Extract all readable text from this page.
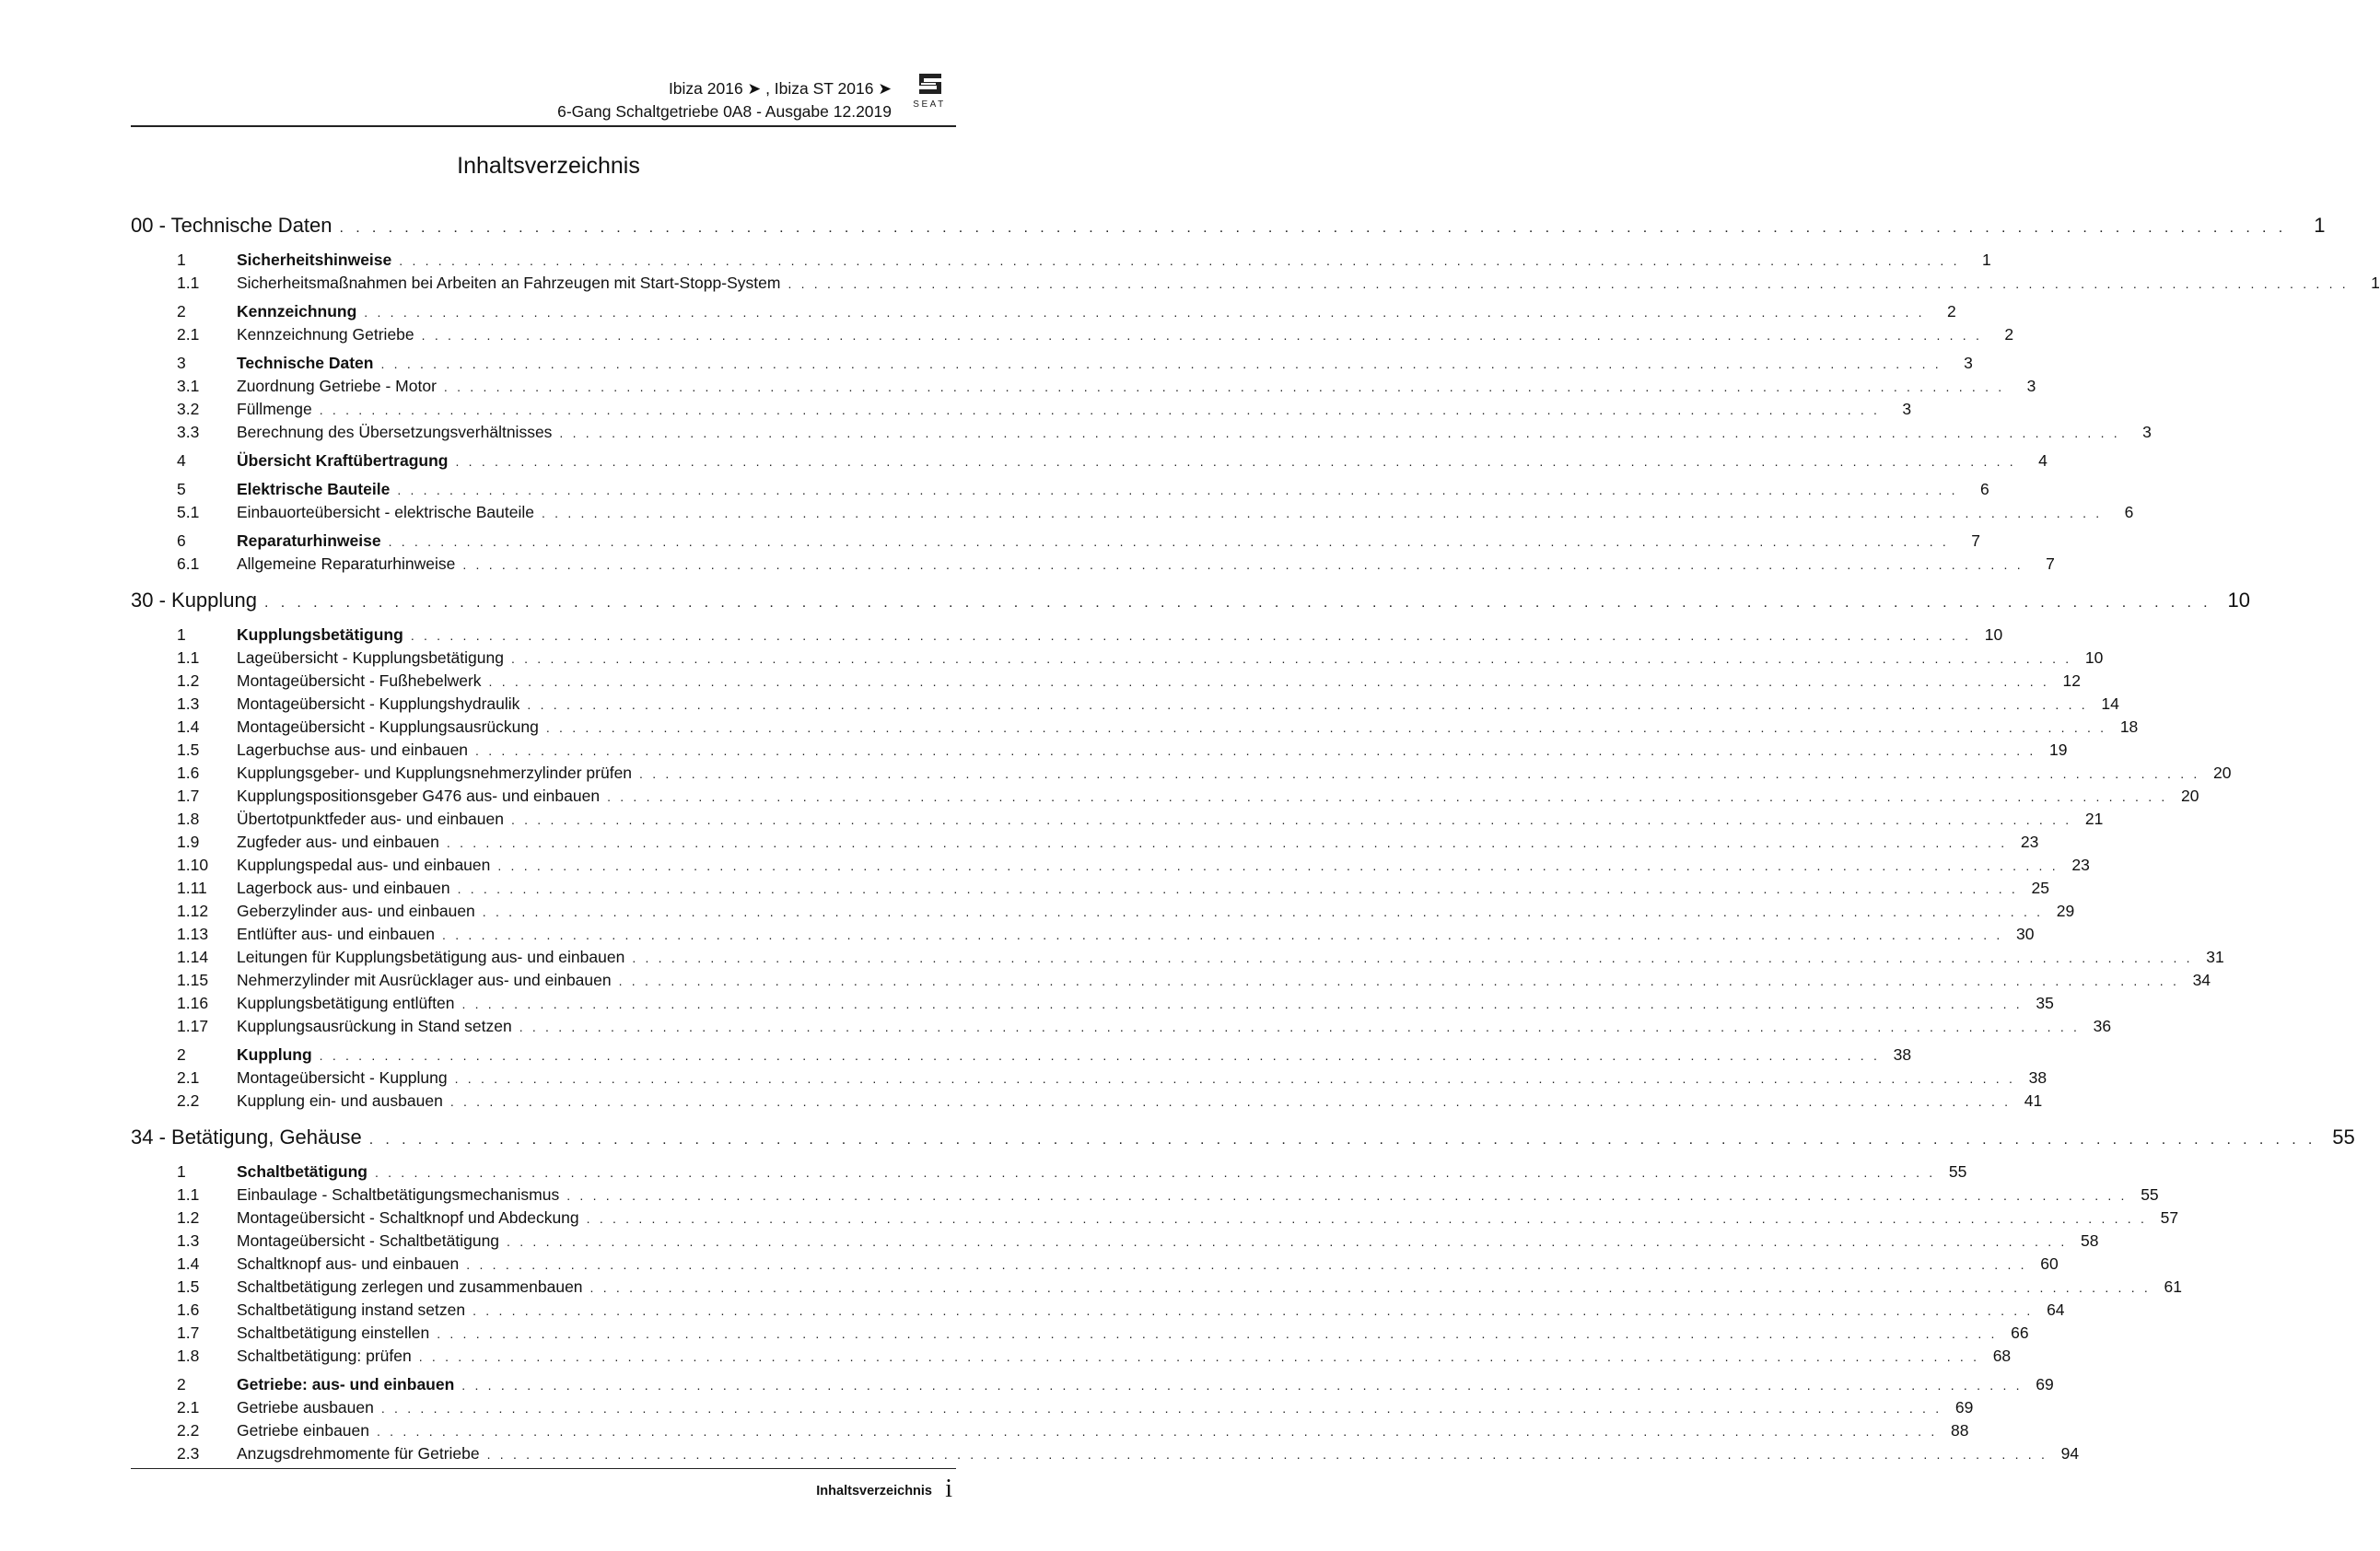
Ibiza 2016 ➤ , Ibiza ST 2016 ➤
6-Gang Schaltgetriebe 0A8 - Ausgabe 12.2019 SEAT
Inhaltsverzeichnis
00 - Technische Daten . . . . . . . . . . . . . . . . . . . . . . . . . . . . . . . . . . . . . . . . . . . . . . . . . . . . . . . . . . . . . . . . . . . . . . . . . . . . . . . . . . . . . . . . . . . . . . . . . . . . . . . . . . . . . . . . . . . . . . . .	1
1	Sicherheitshinweise . . . . . . . . . . . . . . . . . . . . . . . . . . . . . . . . . . . . . . . . . . . . . . . . . . . . . . . . . . . . . . . . . . . . . . . . . . . . . . . . . . . . . . . . . . . . . . . . . . . . . . . . . . . . . . . . . . . . . . . .	1
1.1	Sicherheitsmaßnahmen bei Arbeiten an Fahrzeugen mit Start-Stopp-System . . . . . . . . . . . . . . . . . . . . . . . . . . . . . . . . . . . . . . . . . . . . . . . . . . . . . . . . . . . . . . . . . . . . . . . . . . . . . . . . . . . . . . . . . . . . . . . . . . . . . . . . . . . . . . . . . . . . . . . .	1
2	Kennzeichnung . . . . . . . . . . . . . . . . . . . . . . . . . . . . . . . . . . . . . . . . . . . . . . . . . . . . . . . . . . . . . . . . . . . . . . . . . . . . . . . . . . . . . . . . . . . . . . . . . . . . . . . . . . . . . . . . . . . . . . . .	2
2.1	Kennzeichnung Getriebe . . . . . . . . . . . . . . . . . . . . . . . . . . . . . . . . . . . . . . . . . . . . . . . . . . . . . . . . . . . . . . . . . . . . . . . . . . . . . . . . . . . . . . . . . . . . . . . . . . . . . . . . . . . . . . . . . . . . . . . .	2
3	Technische Daten . . . . . . . . . . . . . . . . . . . . . . . . . . . . . . . . . . . . . . . . . . . . . . . . . . . . . . . . . . . . . . . . . . . . . . . . . . . . . . . . . . . . . . . . . . . . . . . . . . . . . . . . . . . . . . . . . . . . . . . .	3
3.1	Zuordnung Getriebe - Motor . . . . . . . . . . . . . . . . . . . . . . . . . . . . . . . . . . . . . . . . . . . . . . . . . . . . . . . . . . . . . . . . . . . . . . . . . . . . . . . . . . . . . . . . . . . . . . . . . . . . . . . . . . . . . . . . . . . . . . . .	3
3.2	Füllmenge . . . . . . . . . . . . . . . . . . . . . . . . . . . . . . . . . . . . . . . . . . . . . . . . . . . . . . . . . . . . . . . . . . . . . . . . . . . . . . . . . . . . . . . . . . . . . . . . . . . . . . . . . . . . . . . . . . . . . . . .	3
3.3	Berechnung des Übersetzungsverhältnisses . . . . . . . . . . . . . . . . . . . . . . . . . . . . . . . . . . . . . . . . . . . . . . . . . . . . . . . . . . . . . . . . . . . . . . . . . . . . . . . . . . . . . . . . . . . . . . . . . . . . . . . . . . . . . . . . . . . . . . . .	3
4	Übersicht Kraftübertragung . . . . . . . . . . . . . . . . . . . . . . . . . . . . . . . . . . . . . . . . . . . . . . . . . . . . . . . . . . . . . . . . . . . . . . . . . . . . . . . . . . . . . . . . . . . . . . . . . . . . . . . . . . . . . . . . . . . . . . . .	4
5	Elektrische Bauteile . . . . . . . . . . . . . . . . . . . . . . . . . . . . . . . . . . . . . . . . . . . . . . . . . . . . . . . . . . . . . . . . . . . . . . . . . . . . . . . . . . . . . . . . . . . . . . . . . . . . . . . . . . . . . . . . . . . . . . . .	6
5.1	Einbauorteübersicht - elektrische Bauteile . . . . . . . . . . . . . . . . . . . . . . . . . . . . . . . . . . . . . . . . . . . . . . . . . . . . . . . . . . . . . . . . . . . . . . . . . . . . . . . . . . . . . . . . . . . . . . . . . . . . . . . . . . . . . . . . . . . . . . . .	6
6	Reparaturhinweise . . . . . . . . . . . . . . . . . . . . . . . . . . . . . . . . . . . . . . . . . . . . . . . . . . . . . . . . . . . . . . . . . . . . . . . . . . . . . . . . . . . . . . . . . . . . . . . . . . . . . . . . . . . . . . . . . . . . . . . .	7
6.1	Allgemeine Reparaturhinweise . . . . . . . . . . . . . . . . . . . . . . . . . . . . . . . . . . . . . . . . . . . . . . . . . . . . . . . . . . . . . . . . . . . . . . . . . . . . . . . . . . . . . . . . . . . . . . . . . . . . . . . . . . . . . . . . . . . . . . . .	7
30 - Kupplung . . . . . . . . . . . . . . . . . . . . . . . . . . . . . . . . . . . . . . . . . . . . . . . . . . . . . . . . . . . . . . . . . . . . . . . . . . . . . . . . . . . . . . . . . . . . . . . . . . . . . . . . . . . . . . . . . . . . . . . . 10
1	Kupplungsbetätigung . . . . . . . . . . . . . . . . . . . . . . . . . . . . . . . . . . . . . . . . . . . . . . . . . . . . . . . . . . . . . . . . . . . . . . . . . . . . . . . . . . . . . . . . . . . . . . . . . . . . . . . . . . . . . . . . . . . . . . . . 10
1.1	Lageübersicht - Kupplungsbetätigung . . . . . . . . . . . . . . . . . . . . . . . . . . . . . . . . . . . . . . . . . . . . . . . . . . . . . . . . . . . . . . . . . . . . . . . . . . . . . . . . . . . . . . . . . . . . . . . . . . . . . . . . . . . . . . . . . . . . . . . . 10
1.2	Montageübersicht - Fußhebelwerk . . . . . . . . . . . . . . . . . . . . . . . . . . . . . . . . . . . . . . . . . . . . . . . . . . . . . . . . . . . . . . . . . . . . . . . . . . . . . . . . . . . . . . . . . . . . . . . . . . . . . . . . . . . . . . . . . . . . . . . . 12
1.3	Montageübersicht - Kupplungshydraulik . . . . . . . . . . . . . . . . . . . . . . . . . . . . . . . . . . . . . . . . . . . . . . . . . . . . . . . . . . . . . . . . . . . . . . . . . . . . . . . . . . . . . . . . . . . . . . . . . . . . . . . . . . . . . . . . . . . . . . . . 14
1.4	Montageübersicht - Kupplungsausrückung . . . . . . . . . . . . . . . . . . . . . . . . . . . . . . . . . . . . . . . . . . . . . . . . . . . . . . . . . . . . . . . . . . . . . . . . . . . . . . . . . . . . . . . . . . . . . . . . . . . . . . . . . . . . . . . . . . . . . . . . 18
1.5	Lagerbuchse aus- und einbauen . . . . . . . . . . . . . . . . . . . . . . . . . . . . . . . . . . . . . . . . . . . . . . . . . . . . . . . . . . . . . . . . . . . . . . . . . . . . . . . . . . . . . . . . . . . . . . . . . . . . . . . . . . . . . . . . . . . . . . . . 19
1.6	Kupplungsgeber- und Kupplungsnehmerzylinder prüfen . . . . . . . . . . . . . . . . . . . . . . . . . . . . . . . . . . . . . . . . . . . . . . . . . . . . . . . . . . . . . . . . . . . . . . . . . . . . . . . . . . . . . . . . . . . . . . . . . . . . . . . . . . . . . . . . . . . . . . . . 20
1.7	Kupplungspositionsgeber G476 aus- und einbauen . . . . . . . . . . . . . . . . . . . . . . . . . . . . . . . . . . . . . . . . . . . . . . . . . . . . . . . . . . . . . . . . . . . . . . . . . . . . . . . . . . . . . . . . . . . . . . . . . . . . . . . . . . . . . . . . . . . . . . . . 20
1.8	Übertotpunktfeder aus- und einbauen . . . . . . . . . . . . . . . . . . . . . . . . . . . . . . . . . . . . . . . . . . . . . . . . . . . . . . . . . . . . . . . . . . . . . . . . . . . . . . . . . . . . . . . . . . . . . . . . . . . . . . . . . . . . . . . . . . . . . . . . 21
1.9	Zugfeder aus- und einbauen . . . . . . . . . . . . . . . . . . . . . . . . . . . . . . . . . . . . . . . . . . . . . . . . . . . . . . . . . . . . . . . . . . . . . . . . . . . . . . . . . . . . . . . . . . . . . . . . . . . . . . . . . . . . . . . . . . . . . . . . 23
1.10	Kupplungspedal aus- und einbauen . . . . . . . . . . . . . . . . . . . . . . . . . . . . . . . . . . . . . . . . . . . . . . . . . . . . . . . . . . . . . . . . . . . . . . . . . . . . . . . . . . . . . . . . . . . . . . . . . . . . . . . . . . . . . . . . . . . . . . . . 23
1.11	Lagerbock aus- und einbauen . . . . . . . . . . . . . . . . . . . . . . . . . . . . . . . . . . . . . . . . . . . . . . . . . . . . . . . . . . . . . . . . . . . . . . . . . . . . . . . . . . . . . . . . . . . . . . . . . . . . . . . . . . . . . . . . . . . . . . . . 25
1.12	Geberzylinder aus- und einbauen . . . . . . . . . . . . . . . . . . . . . . . . . . . . . . . . . . . . . . . . . . . . . . . . . . . . . . . . . . . . . . . . . . . . . . . . . . . . . . . . . . . . . . . . . . . . . . . . . . . . . . . . . . . . . . . . . . . . . . . . 29
1.13	Entlüfter aus- und einbauen . . . . . . . . . . . . . . . . . . . . . . . . . . . . . . . . . . . . . . . . . . . . . . . . . . . . . . . . . . . . . . . . . . . . . . . . . . . . . . . . . . . . . . . . . . . . . . . . . . . . . . . . . . . . . . . . . . . . . . . . 30
1.14	Leitungen für Kupplungsbetätigung aus- und einbauen . . . . . . . . . . . . . . . . . . . . . . . . . . . . . . . . . . . . . . . . . . . . . . . . . . . . . . . . . . . . . . . . . . . . . . . . . . . . . . . . . . . . . . . . . . . . . . . . . . . . . . . . . . . . . . . . . . . . . . . . 31
1.15	Nehmerzylinder mit Ausrücklager aus- und einbauen . . . . . . . . . . . . . . . . . . . . . . . . . . . . . . . . . . . . . . . . . . . . . . . . . . . . . . . . . . . . . . . . . . . . . . . . . . . . . . . . . . . . . . . . . . . . . . . . . . . . . . . . . . . . . . . . . . . . . . . . 34
1.16	Kupplungsbetätigung entlüften . . . . . . . . . . . . . . . . . . . . . . . . . . . . . . . . . . . . . . . . . . . . . . . . . . . . . . . . . . . . . . . . . . . . . . . . . . . . . . . . . . . . . . . . . . . . . . . . . . . . . . . . . . . . . . . . . . . . . . . . 35
1.17	Kupplungsausrückung in Stand setzen . . . . . . . . . . . . . . . . . . . . . . . . . . . . . . . . . . . . . . . . . . . . . . . . . . . . . . . . . . . . . . . . . . . . . . . . . . . . . . . . . . . . . . . . . . . . . . . . . . . . . . . . . . . . . . . . . . . . . . . . 36
2	Kupplung . . . . . . . . . . . . . . . . . . . . . . . . . . . . . . . . . . . . . . . . . . . . . . . . . . . . . . . . . . . . . . . . . . . . . . . . . . . . . . . . . . . . . . . . . . . . . . . . . . . . . . . . . . . . . . . . . . . . . . . . 38
2.1	Montageübersicht - Kupplung . . . . . . . . . . . . . . . . . . . . . . . . . . . . . . . . . . . . . . . . . . . . . . . . . . . . . . . . . . . . . . . . . . . . . . . . . . . . . . . . . . . . . . . . . . . . . . . . . . . . . . . . . . . . . . . . . . . . . . . . 38
2.2	Kupplung ein- und ausbauen . . . . . . . . . . . . . . . . . . . . . . . . . . . . . . . . . . . . . . . . . . . . . . . . . . . . . . . . . . . . . . . . . . . . . . . . . . . . . . . . . . . . . . . . . . . . . . . . . . . . . . . . . . . . . . . . . . . . . . . . 41
34 - Betätigung, Gehäuse . . . . . . . . . . . . . . . . . . . . . . . . . . . . . . . . . . . . . . . . . . . . . . . . . . . . . . . . . . . . . . . . . . . . . . . . . . . . . . . . . . . . . . . . . . . . . . . . . . . . . . . . . . . . . . . . . . . . . . . . 55
1	Schaltbetätigung . . . . . . . . . . . . . . . . . . . . . . . . . . . . . . . . . . . . . . . . . . . . . . . . . . . . . . . . . . . . . . . . . . . . . . . . . . . . . . . . . . . . . . . . . . . . . . . . . . . . . . . . . . . . . . . . . . . . . . . . 55
1.1	Einbaulage - Schaltbetätigungsmechanismus . . . . . . . . . . . . . . . . . . . . . . . . . . . . . . . . . . . . . . . . . . . . . . . . . . . . . . . . . . . . . . . . . . . . . . . . . . . . . . . . . . . . . . . . . . . . . . . . . . . . . . . . . . . . . . . . . . . . . . . . 55
1.2	Montageübersicht - Schaltknopf und Abdeckung . . . . . . . . . . . . . . . . . . . . . . . . . . . . . . . . . . . . . . . . . . . . . . . . . . . . . . . . . . . . . . . . . . . . . . . . . . . . . . . . . . . . . . . . . . . . . . . . . . . . . . . . . . . . . . . . . . . . . . . . 57
1.3	Montageübersicht - Schaltbetätigung . . . . . . . . . . . . . . . . . . . . . . . . . . . . . . . . . . . . . . . . . . . . . . . . . . . . . . . . . . . . . . . . . . . . . . . . . . . . . . . . . . . . . . . . . . . . . . . . . . . . . . . . . . . . . . . . . . . . . . . . 58
1.4	Schaltknopf aus- und einbauen . . . . . . . . . . . . . . . . . . . . . . . . . . . . . . . . . . . . . . . . . . . . . . . . . . . . . . . . . . . . . . . . . . . . . . . . . . . . . . . . . . . . . . . . . . . . . . . . . . . . . . . . . . . . . . . . . . . . . . . . 60
1.5	Schaltbetätigung zerlegen und zusammenbauen . . . . . . . . . . . . . . . . . . . . . . . . . . . . . . . . . . . . . . . . . . . . . . . . . . . . . . . . . . . . . . . . . . . . . . . . . . . . . . . . . . . . . . . . . . . . . . . . . . . . . . . . . . . . . . . . . . . . . . . . 61
1.6	Schaltbetätigung instand setzen . . . . . . . . . . . . . . . . . . . . . . . . . . . . . . . . . . . . . . . . . . . . . . . . . . . . . . . . . . . . . . . . . . . . . . . . . . . . . . . . . . . . . . . . . . . . . . . . . . . . . . . . . . . . . . . . . . . . . . . . 64
1.7	Schaltbetätigung einstellen . . . . . . . . . . . . . . . . . . . . . . . . . . . . . . . . . . . . . . . . . . . . . . . . . . . . . . . . . . . . . . . . . . . . . . . . . . . . . . . . . . . . . . . . . . . . . . . . . . . . . . . . . . . . . . . . . . . . . . . . 66
1.8	Schaltbetätigung: prüfen . . . . . . . . . . . . . . . . . . . . . . . . . . . . . . . . . . . . . . . . . . . . . . . . . . . . . . . . . . . . . . . . . . . . . . . . . . . . . . . . . . . . . . . . . . . . . . . . . . . . . . . . . . . . . . . . . . . . . . . . 68
2	Getriebe: aus- und einbauen . . . . . . . . . . . . . . . . . . . . . . . . . . . . . . . . . . . . . . . . . . . . . . . . . . . . . . . . . . . . . . . . . . . . . . . . . . . . . . . . . . . . . . . . . . . . . . . . . . . . . . . . . . . . . . . . . . . . . . . . 69
2.1	Getriebe ausbauen . . . . . . . . . . . . . . . . . . . . . . . . . . . . . . . . . . . . . . . . . . . . . . . . . . . . . . . . . . . . . . . . . . . . . . . . . . . . . . . . . . . . . . . . . . . . . . . . . . . . . . . . . . . . . . . . . . . . . . . . 69
2.2	Getriebe einbauen . . . . . . . . . . . . . . . . . . . . . . . . . . . . . . . . . . . . . . . . . . . . . . . . . . . . . . . . . . . . . . . . . . . . . . . . . . . . . . . . . . . . . . . . . . . . . . . . . . . . . . . . . . . . . . . . . . . . . . . . 88
2.3	Anzugsdrehmomente für Getriebe . . . . . . . . . . . . . . . . . . . . . . . . . . . . . . . . . . . . . . . . . . . . . . . . . . . . . . . . . . . . . . . . . . . . . . . . . . . . . . . . . . . . . . . . . . . . . . . . . . . . . . . . . . . . . . . . . . . . . . . . 94
Inhaltsverzeichnis i
